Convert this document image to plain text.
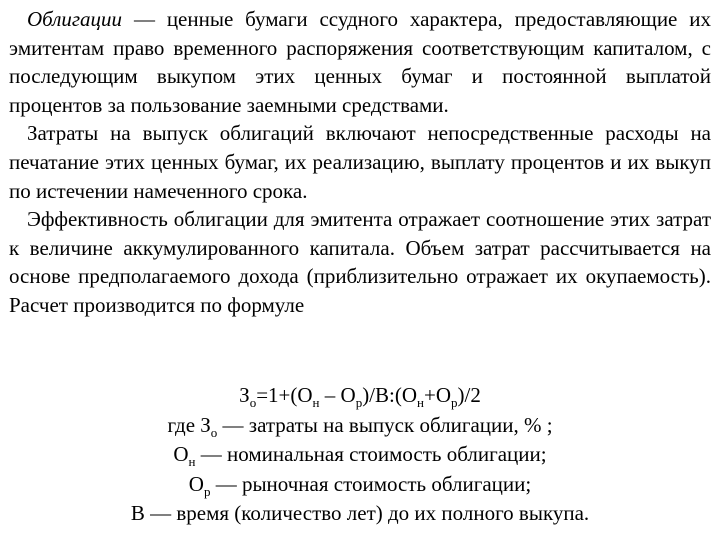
Облигации — ценные бумаги ссудного характера, предоставляющие их эмитентам право временного распоряжения соответствующим капиталом, с последующим выкупом этих ценных бумаг и постоянной выплатой процентов за пользование заемными средствами.

Затраты на выпуск облигаций включают непосредственные расходы на печатание этих ценных бумаг, их реализацию, выплату процентов и их выкуп по истечении намеченного срока.

Эффективность облигации для эмитента отражает соотношение этих затрат к величине аккумулированного капитала. Объем затрат рассчитывается на основе предполагаемого дохода (приблизительно отражает их окупаемость). Расчет производится по формуле

$З_о=1+(О_н$ – $О_р)/В:(О_н+О_р)/2$

где $З_о$ — затраты на выпуск облигации, % ;

$О_н$ — номинальная стоимость облигации;

$О_р$ — рыночная стоимость облигации;

В — время (количество лет) до их полного выкупа.
